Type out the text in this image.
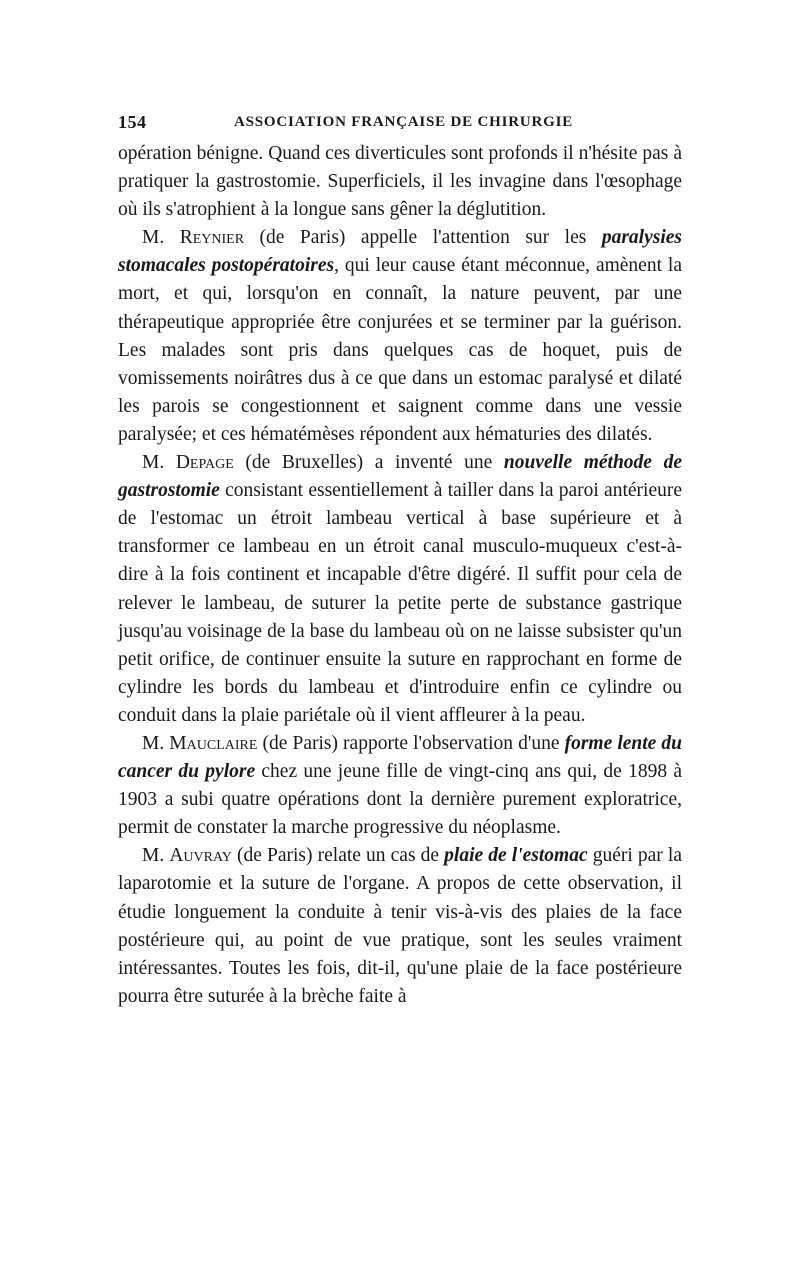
154	ASSOCIATION FRANÇAISE DE CHIRURGIE

opération bénigne. Quand ces diverticules sont profonds il n'hésite pas à pratiquer la gastrostomie. Superficiels, il les invagine dans l'œsophage où ils s'atrophient à la longue sans gêner la déglutition.

M. Reynier (de Paris) appelle l'attention sur les paralysies stomacales postopératoires, qui leur cause étant méconnue, amènent la mort, et qui, lorsqu'on en connaît, la nature peuvent, par une thérapeutique appropriée être conjurées et se terminer par la guérison. Les malades sont pris dans quelques cas de hoquet, puis de vomissements noirâtres dus à ce que dans un estomac paralysé et dilaté les parois se congestionnent et saignent comme dans une vessie paralysée; et ces hématémèses répondent aux hématuries des dilatés.

M. Depage (de Bruxelles) a inventé une nouvelle méthode de gastrostomie consistant essentiellement à tailler dans la paroi antérieure de l'estomac un étroit lambeau vertical à base supérieure et à transformer ce lambeau en un étroit canal musculo-muqueux c'est-à-dire à la fois continent et incapable d'être digéré. Il suffit pour cela de relever le lambeau, de suturer la petite perte de substance gastrique jusqu'au voisinage de la base du lambeau où on ne laisse subsister qu'un petit orifice, de continuer ensuite la suture en rapprochant en forme de cylindre les bords du lambeau et d'introduire enfin ce cylindre ou conduit dans la plaie pariétale où il vient affleurer à la peau.

M. Mauclaire (de Paris) rapporte l'observation d'une forme lente du cancer du pylore chez une jeune fille de vingt-cinq ans qui, de 1898 à 1903 a subi quatre opérations dont la dernière purement exploratrice, permit de constater la marche progressive du néoplasme.

M. Auvray (de Paris) relate un cas de plaie de l'estomac guéri par la laparotomie et la suture de l'organe. A propos de cette observation, il étudie longuement la conduite à tenir vis-à-vis des plaies de la face postérieure qui, au point de vue pratique, sont les seules vraiment intéressantes. Toutes les fois, dit-il, qu'une plaie de la face postérieure pourra être suturée à la brèche faite à
